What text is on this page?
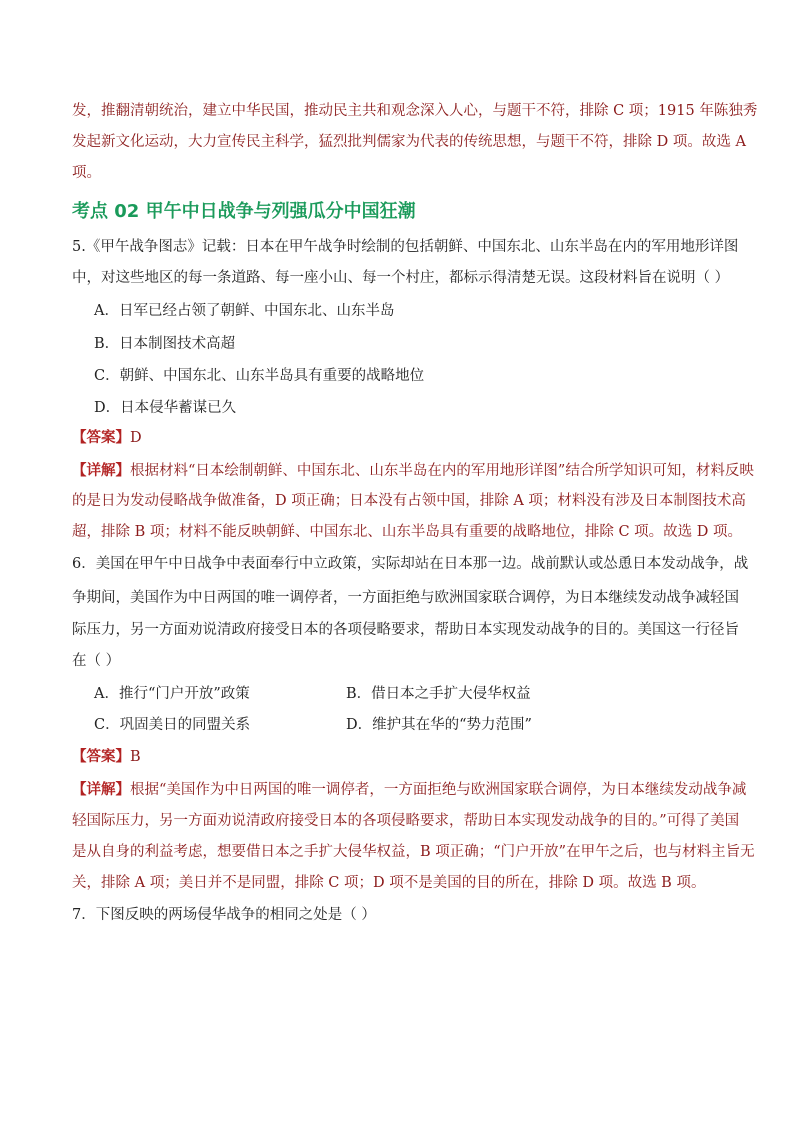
发，推翻清朝统治，建立中华民国，推动民主共和观念深入人心，与题干不符，排除 C 项；1915 年陈独秀
发起新文化运动，大力宣传民主科学，猛烈批判儒家为代表的传统思想，与题干不符，排除 D 项。故选 A
项。
考点 02 甲午中日战争与列强瓜分中国狂潮
5.《甲午战争图志》记载：日本在甲午战争时绘制的包括朝鲜、中国东北、山东半岛在内的军用地形详图
中，对这些地区的每一条道路、每一座小山、每一个村庄，都标示得清楚无误。这段材料旨在说明（ ）
A．日军已经占领了朝鲜、中国东北、山东半岛
B．日本制图技术高超
C．朝鲜、中国东北、山东半岛具有重要的战略地位
D．日本侵华蓄谋已久
【答案】D
【详解】根据材料“日本绘制朝鲜、中国东北、山东半岛在内的军用地形详图”结合所学知识可知，材料反映
的是日为发动侵略战争做准备，D 项正确；日本没有占领中国，排除 A 项；材料没有涉及日本制图技术高
超，排除 B 项；材料不能反映朝鲜、中国东北、山东半岛具有重要的战略地位，排除 C 项。故选 D 项。
6．美国在甲午中日战争中表面奉行中立政策，实际却站在日本那一边。战前默认或怂恿日本发动战争，战
争期间，美国作为中日两国的唯一调停者，一方面拒绝与欧洲国家联合调停，为日本继续发动战争减轻国
际压力，另一方面劝说清政府接受日本的各项侵略要求，帮助日本实现发动战争的目的。美国这一行径旨
在（ ）
A．推行“门户开放”政策	B．借日本之手扩大侵华权益
C．巩固美日的同盟关系	D．维护其在华的“势力范围”
【答案】B
【详解】根据“美国作为中日两国的唯一调停者，一方面拒绝与欧洲国家联合调停，为日本继续发动战争减
轻国际压力，另一方面劝说清政府接受日本的各项侵略要求，帮助日本实现发动战争的目的。”可得了美国
是从自身的利益考虑，想要借日本之手扩大侵华权益，B 项正确；“门户开放”在甲午之后，也与材料主旨无
关，排除 A 项；美日并不是同盟，排除 C 项；D 项不是美国的目的所在，排除 D 项。故选 B 项。
7．下图反映的两场侵华战争的相同之处是（ ）
